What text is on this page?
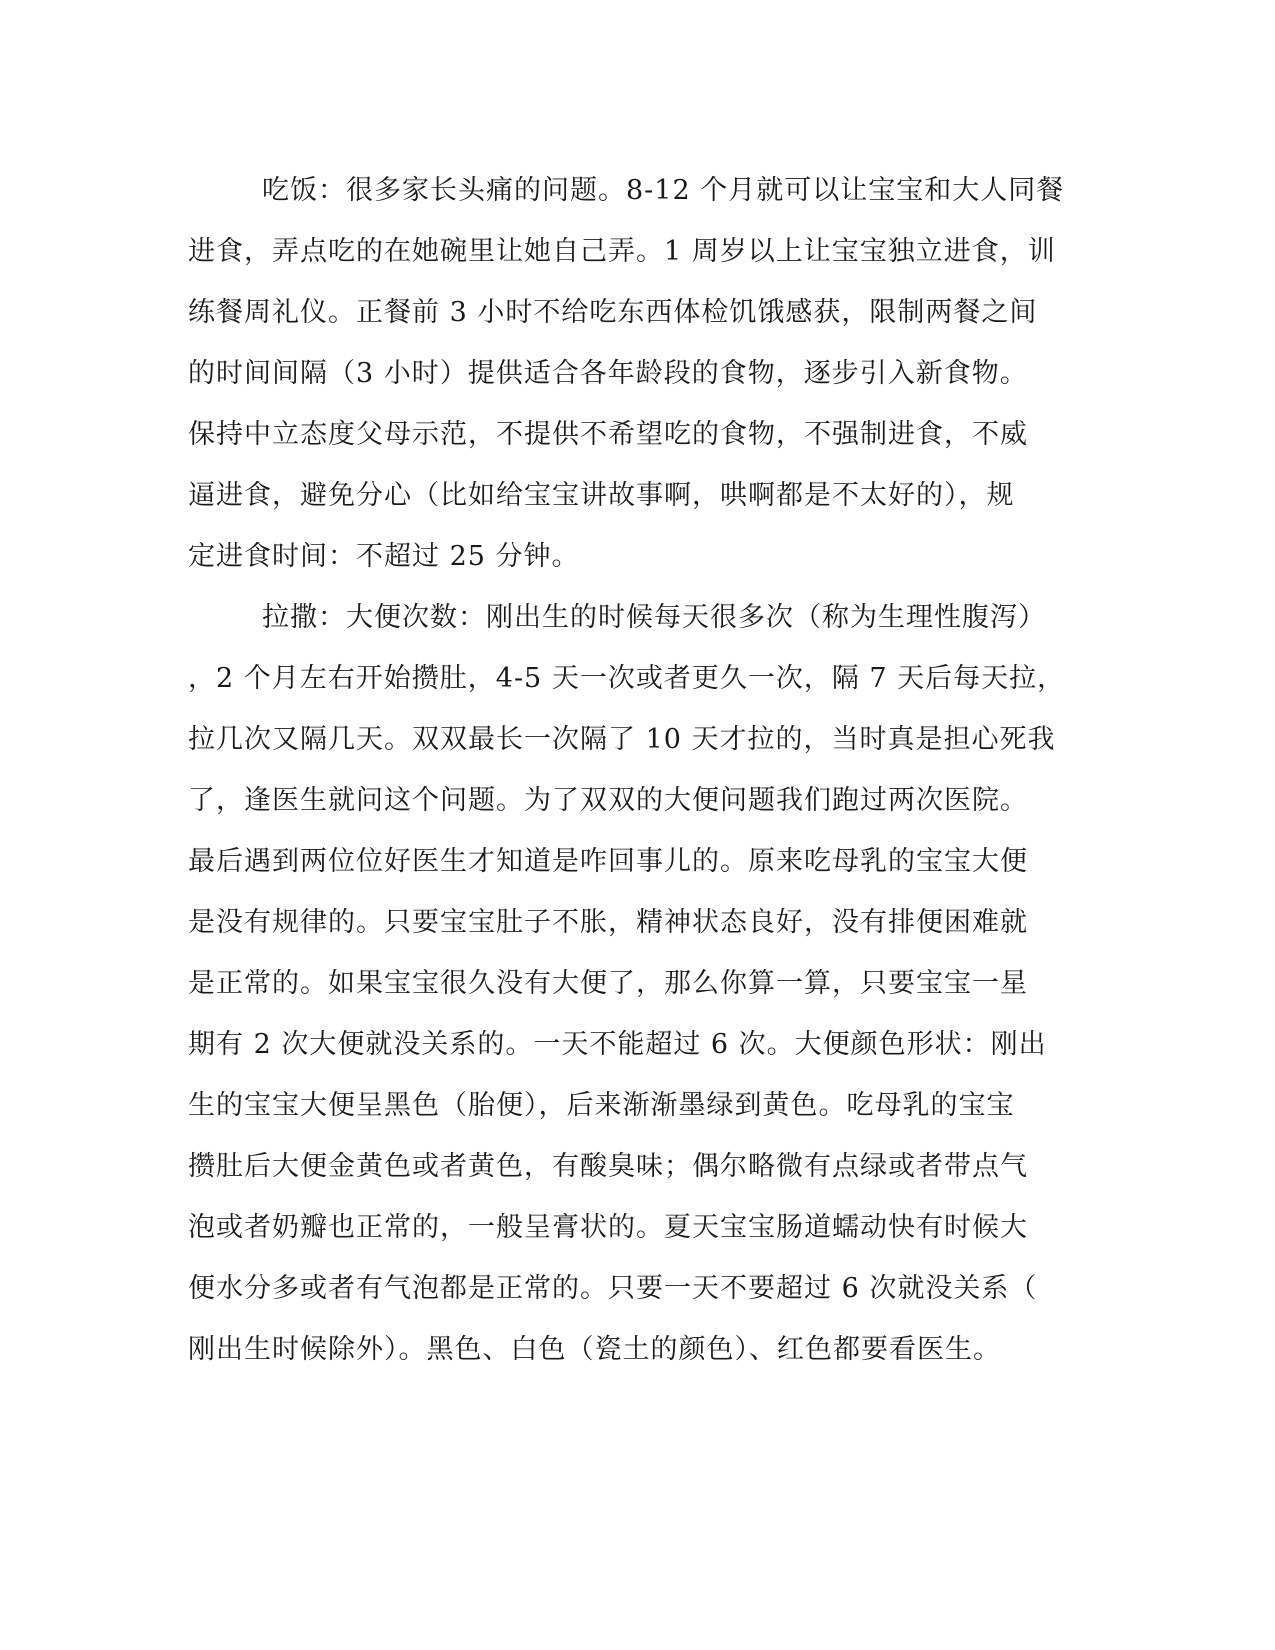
吃饭：很多家长头痛的问题。8-12 个月就可以让宝宝和大人同餐
进食，弄点吃的在她碗里让她自己弄。1 周岁以上让宝宝独立进食，训
练餐周礼仪。正餐前 3 小时不给吃东西体检饥饿感获，限制两餐之间
的时间间隔（3 小时）提供适合各年龄段的食物，逐步引入新食物。
保持中立态度父母示范，不提供不希望吃的食物，不强制进食，不威
逼进食，避免分心（比如给宝宝讲故事啊，哄啊都是不太好的），规
定进食时间：不超过 25 分钟。
拉撒：大便次数：刚出生的时候每天很多次（称为生理性腹泻）
，2 个月左右开始攒肚，4-5 天一次或者更久一次，隔 7 天后每天拉，
拉几次又隔几天。双双最长一次隔了 10 天才拉的，当时真是担心死我
了，逢医生就问这个问题。为了双双的大便问题我们跑过两次医院。
最后遇到两位位好医生才知道是咋回事儿的。原来吃母乳的宝宝大便
是没有规律的。只要宝宝肚子不胀，精神状态良好，没有排便困难就
是正常的。如果宝宝很久没有大便了，那么你算一算，只要宝宝一星
期有 2 次大便就没关系的。一天不能超过 6 次。大便颜色形状：刚出
生的宝宝大便呈黑色（胎便），后来渐渐墨绿到黄色。吃母乳的宝宝
攒肚后大便金黄色或者黄色，有酸臭味；偶尔略微有点绿或者带点气
泡或者奶瓣也正常的，一般呈膏状的。夏天宝宝肠道蠕动快有时候大
便水分多或者有气泡都是正常的。只要一天不要超过 6 次就没关系（
刚出生时候除外）。黑色、白色（瓷土的颜色）、红色都要看医生。
